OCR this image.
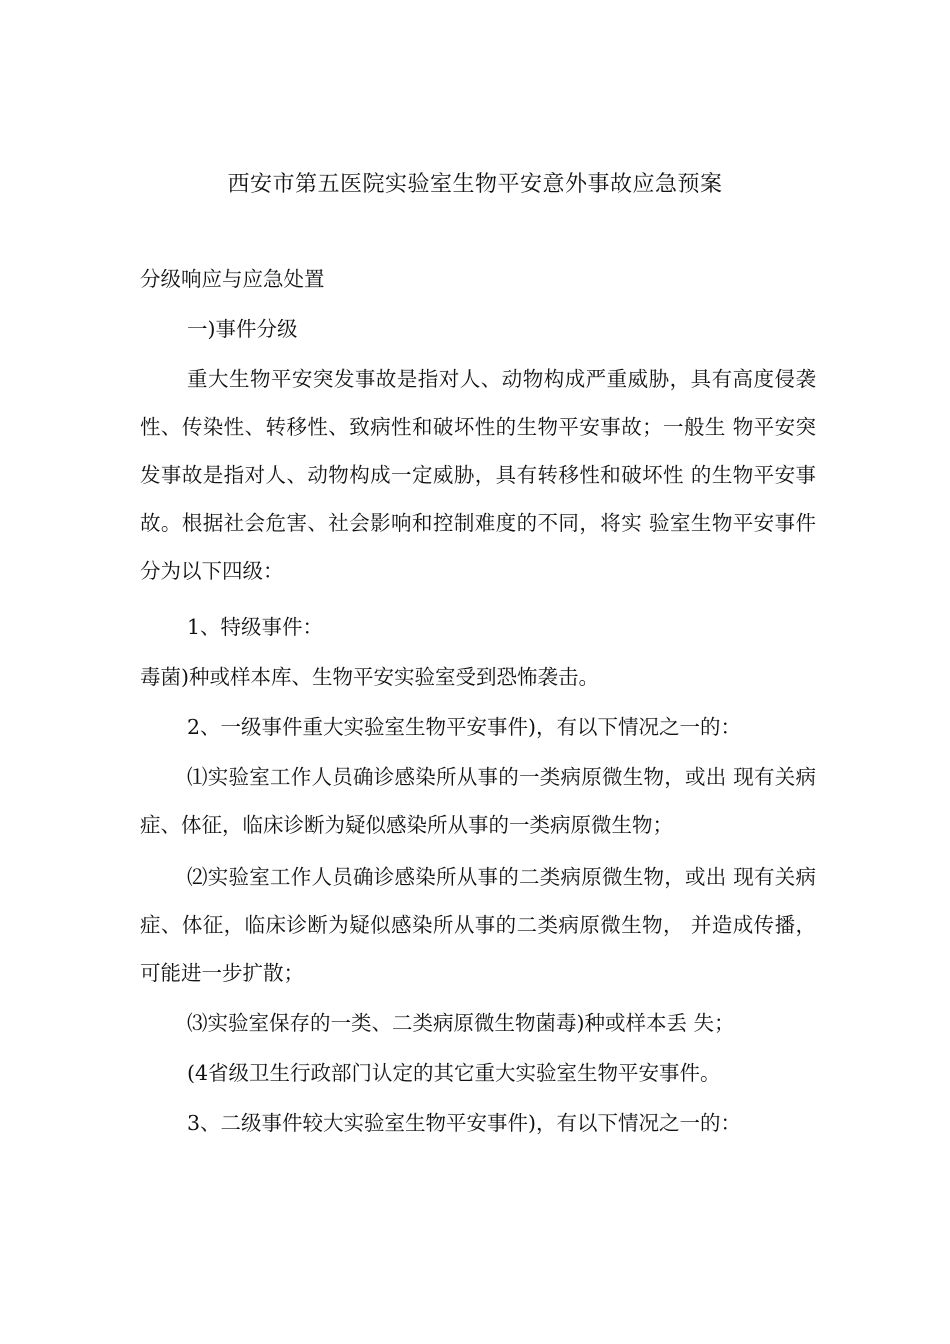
西安市第五医院实验室生物平安意外事故应急预案

分级响应与应急处置

一)事件分级

重大生物平安突发事故是指对人、动物构成严重威胁，具有高度侵袭性、传染性、转移性、致病性和破坏性的生物平安事故；一般生 物平安突发事故是指对人、动物构成一定威胁，具有转移性和破坏性 的生物平安事故。根据社会危害、社会影响和控制难度的不同，将实 验室生物平安事件分为以下四级：

1、特级事件：

毒菌)种或样本库、生物平安实验室受到恐怖袭击。

2、一级事件重大实验室生物平安事件)，有以下情况之一的：

⑴实验室工作人员确诊感染所从事的一类病原微生物，或出 现有关病症、体征，临床诊断为疑似感染所从事的一类病原微生物；

⑵实验室工作人员确诊感染所从事的二类病原微生物，或出 现有关病症、体征，临床诊断为疑似感染所从事的二类病原微生物， 并造成传播，可能进一步扩散；

⑶实验室保存的一类、二类病原微生物菌毒)种或样本丢 失；

(4省级卫生行政部门认定的其它重大实验室生物平安事件。

3、二级事件较大实验室生物平安事件)，有以下情况之一的：
